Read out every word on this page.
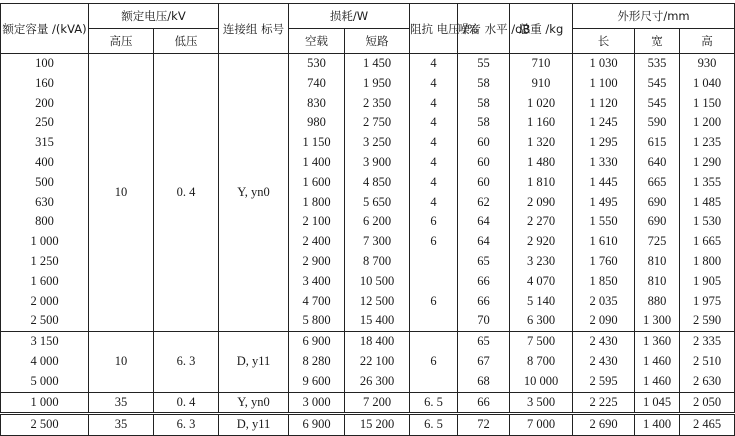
额定容量 /(kVA)	额定电压/kV		连接组 标号	损耗/W		阻抗 电压 /%	噪音 水平 /dB	总重 /kg	外形尺寸/mm		
	高压	低压		空载	短路				长	宽	高
100	10	0. 4	Y, yn0	530	1 450	4	55	710	1 030	535	930
160				740	1 950	4	58	910	1 100	545	1 040
200				830	2 350	4	58	1 020	1 120	545	1 150
250				980	2 750	4	58	1 160	1 245	590	1 200
315				1 150	3 250	4	60	1 320	1 295	615	1 235
400				1 400	3 900	4	60	1 480	1 330	640	1 290
500				1 600	4 850	4	60	1 810	1 445	665	1 355
630				1 800	5 650	4	62	2 090	1 495	690	1 485
800				2 100	6 200	6	64	2 270	1 550	690	1 530
1 000				2 400	7 300	6	64	2 920	1 610	725	1 665
1 250				2 900	8 700		65	3 230	1 760	810	1 800
1 600				3 400	10 500		66	4 070	1 850	810	1 905
2 000				4 700	12 500	6	66	5 140	2 035	880	1 975
2 500				5 800	15 400		70	6 300	2 090	1 300	2 590
3 150	10	6. 3	D, y11	6 900	18 400	6	65	7 500	2 430	1 360	2 335
4 000				8 280	22 100		67	8 700	2 430	1 460	2 510
5 000				9 600	26 300		68	10 000	2 595	1 460	2 630
1 000	35	0. 4	Y, yn0	3 000	7 200	6. 5	66	3 500	2 225	1 045	2 050
2 500	35	6. 3	D, y11	6 900	15 200	6. 5	72	7 000	2 690	1 400	2 465
